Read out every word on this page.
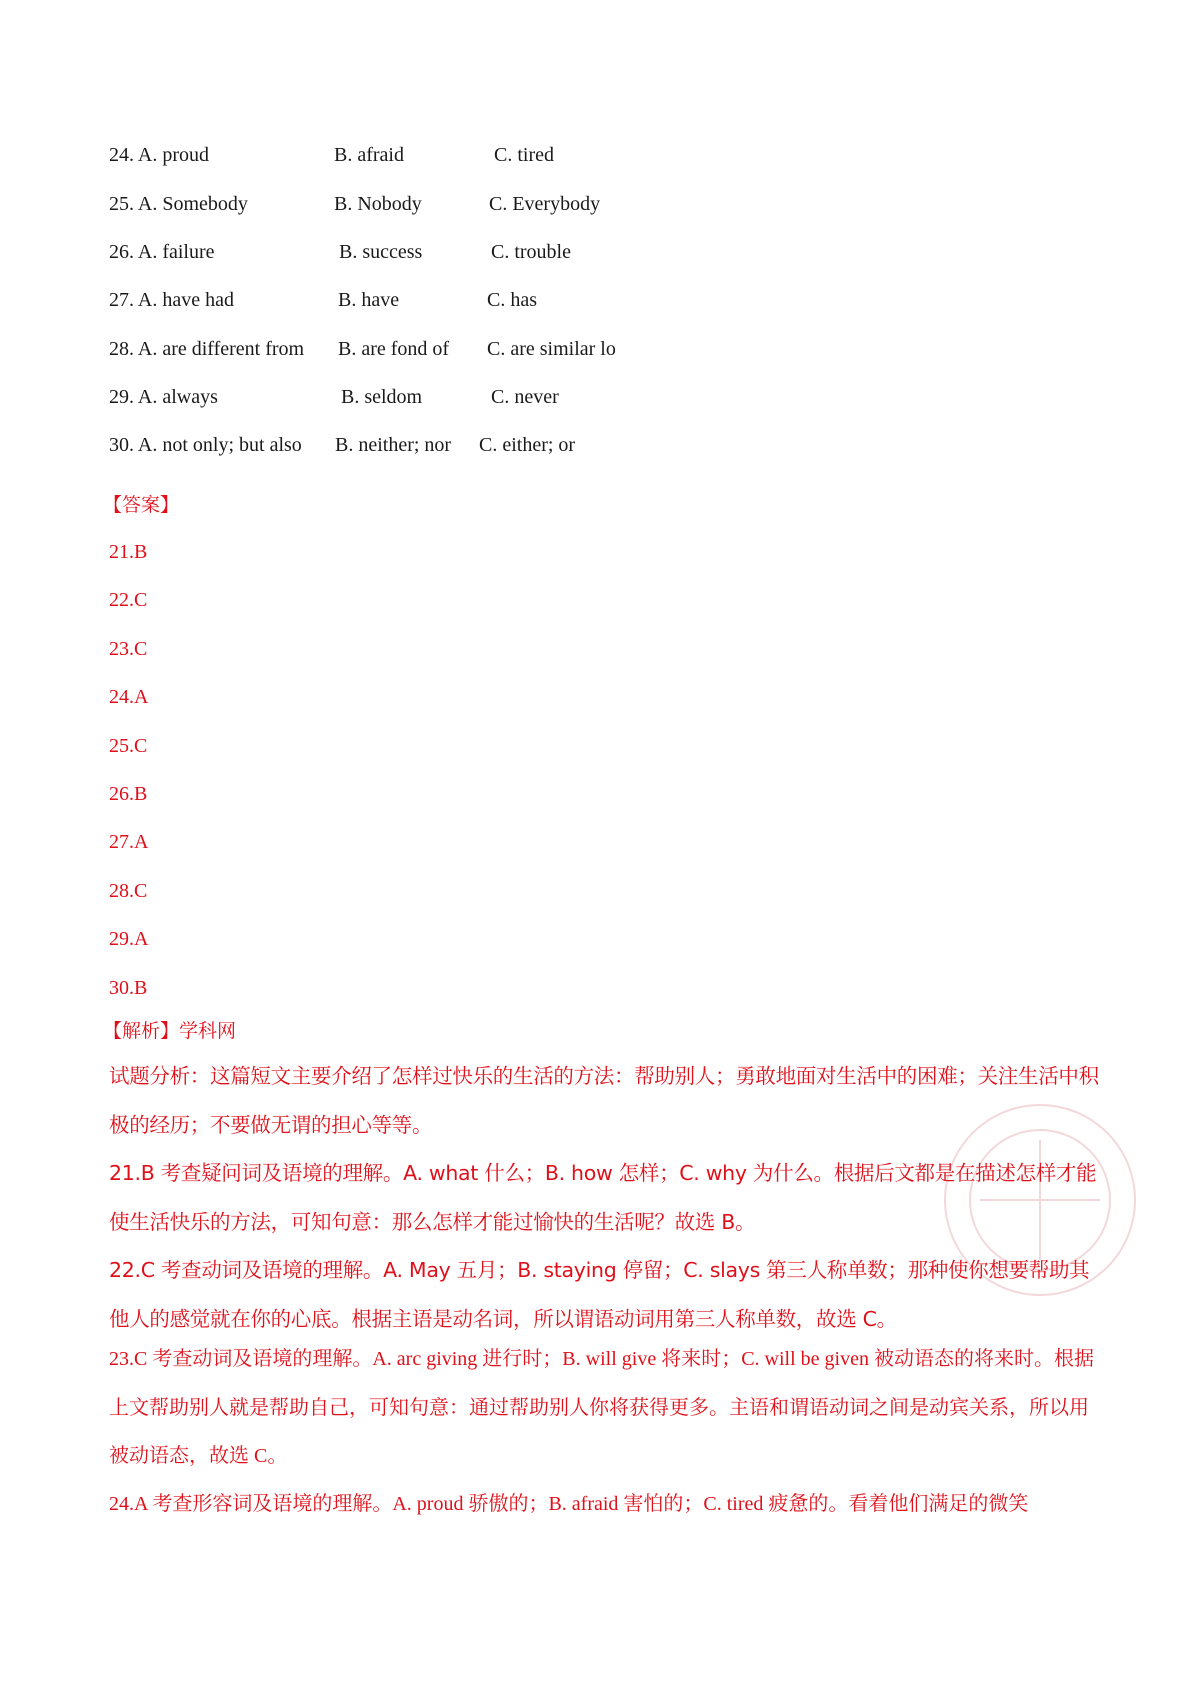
24. A. proud	B. afraid	C. tired
25. A. Somebody	B. Nobody	C. Everybody
26. A. failure	B. success	C. trouble
27. A. have had	B. have	C. has
28. A. are different from B. are fond of C. are similar lo
29. A. always	B. seldom	C. never
30. A. not only; but also B. neither; nor C. either; or
【答案】
21.B
22.C
23.C
24.A
25.C
26.B
27.A
28.C
29.A
30.B
【解析】学科网

试题分析：这篇短文主要介绍了怎样过快乐的生活的方法：帮助别人；勇敢地面对生活中的困难；关注生活中积极的经历；不要做无谓的担心等等。

21.B 考查疑问词及语境的理解。A. what 什么；B. how 怎样；C. why 为什么。根据后文都是在描述怎样才能使生活快乐的方法，可知句意：那么怎样才能过愉快的生活呢？故选 B。

22.C 考查动词及语境的理解。A. May 五月；B. staying 停留；C. slays 第三人称单数；那种使你想要帮助其他人的感觉就在你的心底。根据主语是动名词，所以谓语动词用第三人称单数，故选 C。

23.C 考查动词及语境的理解。A. arc giving 进行时；B. will give 将来时；C. will be given 被动语态的将来时。根据上文帮助别人就是帮助自己，可知句意：通过帮助别人你将获得更多。主语和谓语动词之间是动宾关系，所以用被动语态，故选 C。

24.A 考查形容词及语境的理解。A. proud 骄傲的；B. afraid 害怕的；C. tired 疲惫的。看着他们满足的微笑
